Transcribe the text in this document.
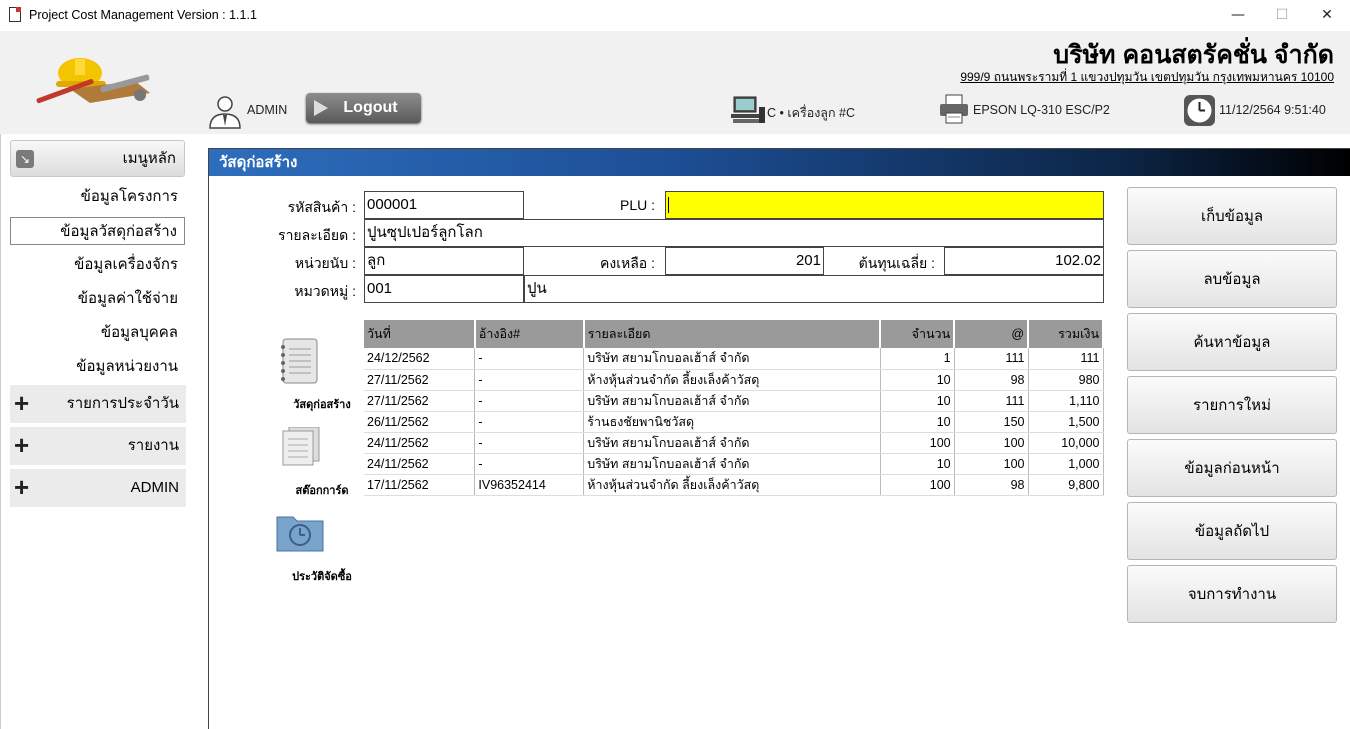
Project Cost Management Version : 1.1.1	—	☐	✕
บริษัท คอนสตรัคชั่น จำกัด
999/9 ถนนพระรามที่ 1 แขวงปทุมวัน เขตปทุมวัน กรุงเทพมหานคร 10100
ADMIN	Logout	C • เครื่องลูก #C	EPSON LQ-310 ESC/P2	11/12/2564 9:51:40
↘	เมนูหลัก
ข้อมูลโครงการ
ข้อมูลวัสดุก่อสร้าง
ข้อมูลเครื่องจักร
ข้อมูลค่าใช้จ่าย
ข้อมูลบุคคล
ข้อมูลหน่วยงาน
+ รายการประจำวัน
+	รายงาน
+	ADMIN
วัสดุก่อสร้าง
รหัสสินค้า : 000001	PLU :
รายละเอียด : ปูนซุปเปอร์ลูกโลก
หน่วยนับ : ลูก	คงเหลือ :	201	ต้นทุนเฉลี่ย :	102.02
หมวดหมู่ : 001	ปูน
วัสดุก่อสร้าง
สต๊อกการ์ด
ประวัติจัดซื้อ
วันที่	อ้างอิง#	รายละเอียด	จำนวน	@	รวมเงิน
24/12/2562	-	บริษัท สยามโกบอลเฮ้าส์ จำกัด	1	111	111
27/11/2562	-	ห้างหุ้นส่วนจำกัด ลี้ยงเล็งค้าวัสดุ	10	98	980
27/11/2562	-	บริษัท สยามโกบอลเฮ้าส์ จำกัด	10	111	1,110
26/11/2562	-	ร้านธงชัยพานิชวัสดุ	10	150	1,500
24/11/2562	-	บริษัท สยามโกบอลเฮ้าส์ จำกัด	100	100	10,000
24/11/2562	-	บริษัท สยามโกบอลเฮ้าส์ จำกัด	10	100	1,000
17/11/2562	IV96352414	ห้างหุ้นส่วนจำกัด ลี้ยงเล็งค้าวัสดุ	100	98	9,800
เก็บข้อมูล
ลบข้อมูล
ค้นหาข้อมูล
รายการใหม่
ข้อมูลก่อนหน้า
ข้อมูลถัดไป
จบการทำงาน
